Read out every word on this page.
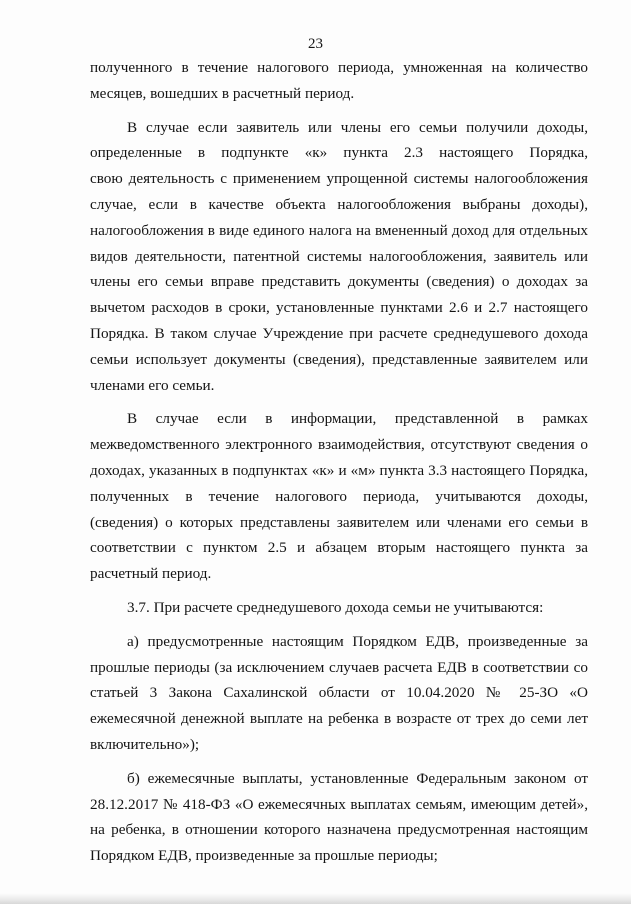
23
полученного в течение налогового периода, умноженная на количество
месяцев, вошедших в расчетный период.
В случае если заявитель или члены его семьи получили доходы,
определенные в подпункте «к» пункта 2.3 настоящего Порядка,
свою деятельность с применением упрощенной системы налогообложения
случае, если в качестве объекта налогообложения выбраны доходы),
налогообложения в виде единого налога на вмененный доход для отдельных
видов деятельности, патентной системы налогообложения, заявитель или
члены его семьи вправе представить документы (сведения) о доходах за
вычетом расходов в сроки, установленные пунктами 2.6 и 2.7 настоящего
Порядка. В таком случае Учреждение при расчете среднедушевого дохода
семьи использует документы (сведения), представленные заявителем или
членами его семьи.
В случае если в информации, представленной в рамках
межведомственного электронного взаимодействия, отсутствуют сведения о
доходах, указанных в подпунктах «к» и «м» пункта 3.3 настоящего Порядка,
полученных в течение налогового периода, учитываются доходы,
(сведения) о которых представлены заявителем или членами его семьи в
соответствии с пунктом 2.5 и абзацем вторым настоящего пункта за
расчетный период.
3.7. При расчете среднедушевого дохода семьи не учитываются:
а) предусмотренные настоящим Порядком ЕДВ, произведенные за
прошлые периоды (за исключением случаев расчета ЕДВ в соответствии со
статьей 3 Закона Сахалинской области от 10.04.2020 № 25-ЗО «О
ежемесячной денежной выплате на ребенка в возрасте от трех до семи лет
включительно»);
б) ежемесячные выплаты, установленные Федеральным законом от
28.12.2017 № 418-ФЗ «О ежемесячных выплатах семьям, имеющим детей»,
на ребенка, в отношении которого назначена предусмотренная настоящим
Порядком ЕДВ, произведенные за прошлые периоды;
